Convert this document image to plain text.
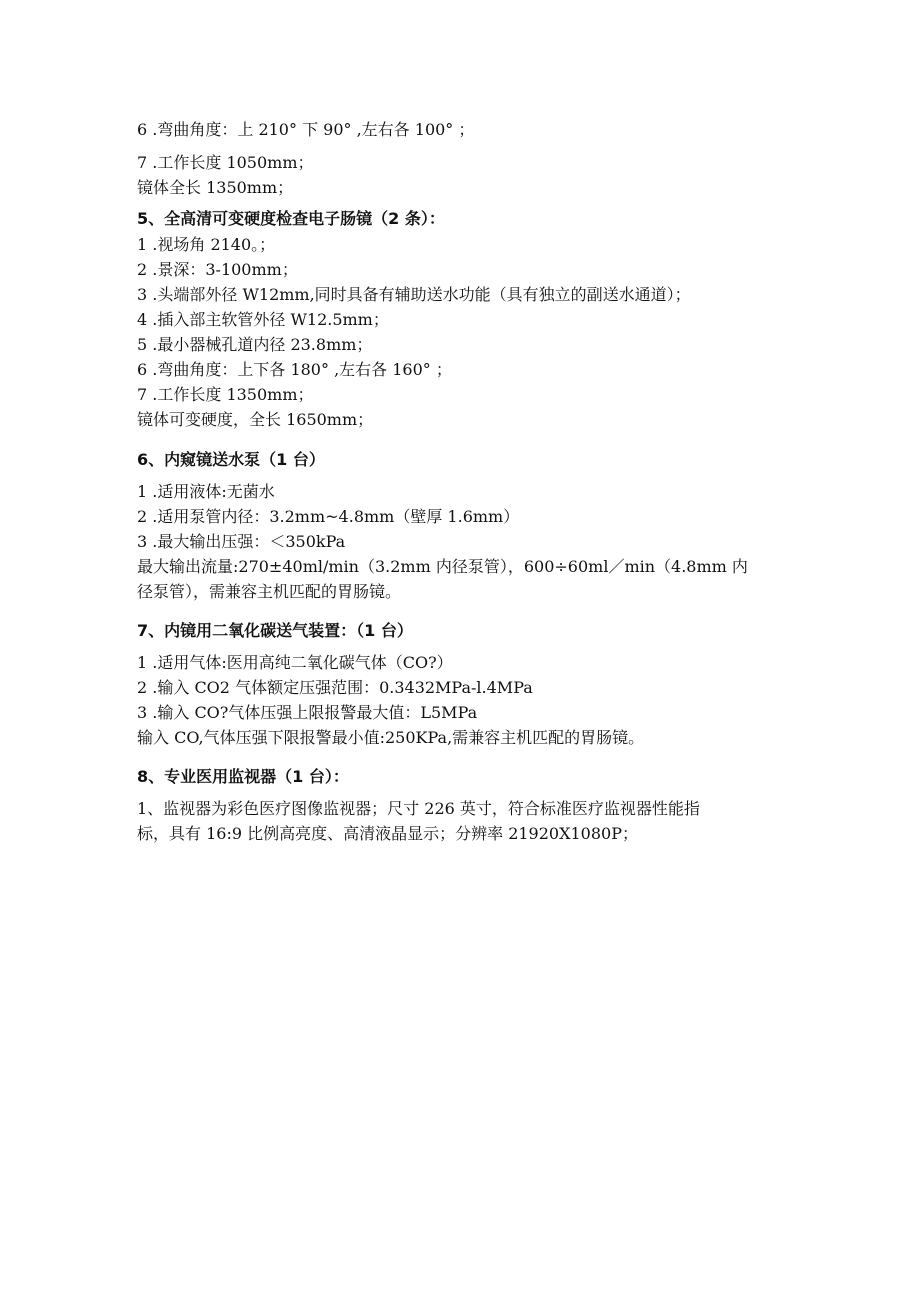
6 .弯曲角度：上 210° 下 90° ,左右各 100° ；
7 .工作长度 1050mm；
镜体全长 1350mm；
5、全高清可变硬度检查电子肠镜（2 条）：
1 .视场角 2140。；
2 .景深：3-100mm；
3 .头端部外径 W12mm,同时具备有辅助送水功能（具有独立的副送水通道）；
4 .插入部主软管外径 W12.5mm；
5 .最小器械孔道内径 23.8mm；
6 .弯曲角度：上下各 180° ,左右各 160° ；
7 .工作长度 1350mm；
镜体可变硬度，全长 1650mm；
6、内窥镜送水泵（1 台）
1 .适用液体:无菌水
2 .适用泵管内径：3.2mm~4.8mm（壁厚 1.6mm）
3 .最大输出压强：＜350kPa
最大输出流量:270±40ml/min（3.2mm 内径泵管），600÷60ml／min（4.8mm 内
径泵管），需兼容主机匹配的胃肠镜。
7、内镜用二氧化碳送气装置：（1 台）
1 .适用气体:医用高纯二氧化碳气体（CO?）
2 .输入 CO2 气体额定压强范围：0.3432MPa-l.4MPa
3 .输入 CO?气体压强上限报警最大值：L5MPa
输入 CO,气体压强下限报警最小值:250KPa,需兼容主机匹配的胃肠镜。
8、专业医用监视器（1 台）：
1、监视器为彩色医疗图像监视器；尺寸 226 英寸，符合标准医疗监视器性能指
标，具有 16:9 比例高亮度、高清液晶显示；分辨率 21920X1080P；
